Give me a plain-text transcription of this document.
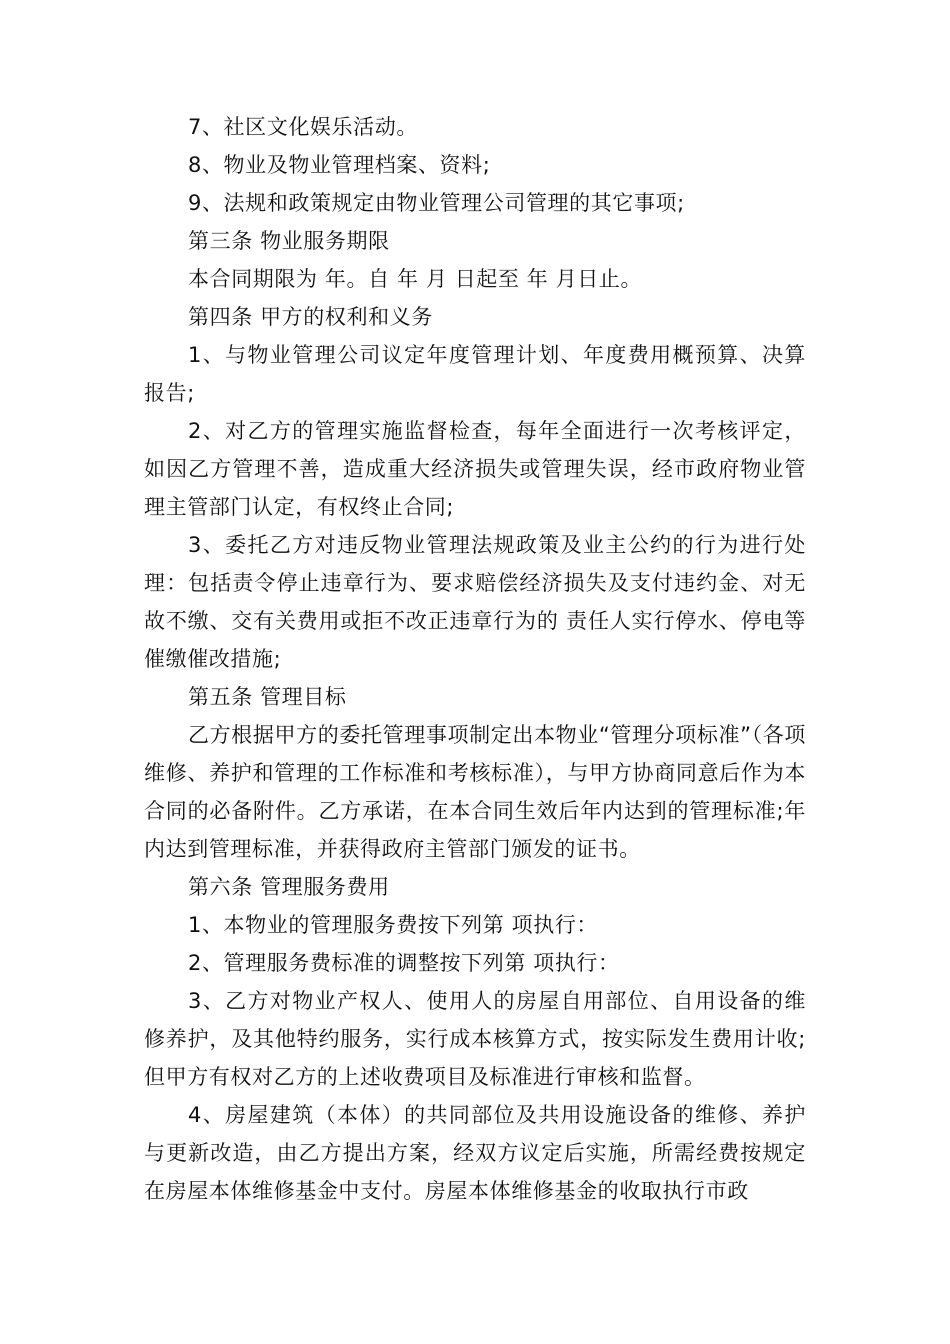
7、社区文化娱乐活动。

8、物业及物业管理档案、资料;

9、法规和政策规定由物业管理公司管理的其它事项;

第三条 物业服务期限

本合同期限为 年。自 年 月 日起至 年 月日止。

第四条 甲方的权利和义务

1、与物业管理公司议定年度管理计划、年度费用概预算、决算报告;

2、对乙方的管理实施监督检查，每年全面进行一次考核评定，如因乙方管理不善，造成重大经济损失或管理失误，经市政府物业管理主管部门认定，有权终止合同;

3、委托乙方对违反物业管理法规政策及业主公约的行为进行处理：包括责令停止违章行为、要求赔偿经济损失及支付违约金、对无故不缴、交有关费用或拒不改正违章行为的 责任人实行停水、停电等催缴催改措施;

第五条 管理目标

乙方根据甲方的委托管理事项制定出本物业“管理分项标准”（各项维修、养护和管理的工作标准和考核标准），与甲方协商同意后作为本合同的必备附件。乙方承诺，在本合同生效后年内达到的管理标准;年内达到管理标准，并获得政府主管部门颁发的证书。

第六条 管理服务费用

1、本物业的管理服务费按下列第 项执行：

2、管理服务费标准的调整按下列第 项执行：

3、乙方对物业产权人、使用人的房屋自用部位、自用设备的维修养护，及其他特约服务，实行成本核算方式，按实际发生费用计收;但甲方有权对乙方的上述收费项目及标准进行审核和监督。

4、房屋建筑（本体）的共同部位及共用设施设备的维修、养护与更新改造，由乙方提出方案，经双方议定后实施，所需经费按规定在房屋本体维修基金中支付。房屋本体维修基金的收取执行市政
